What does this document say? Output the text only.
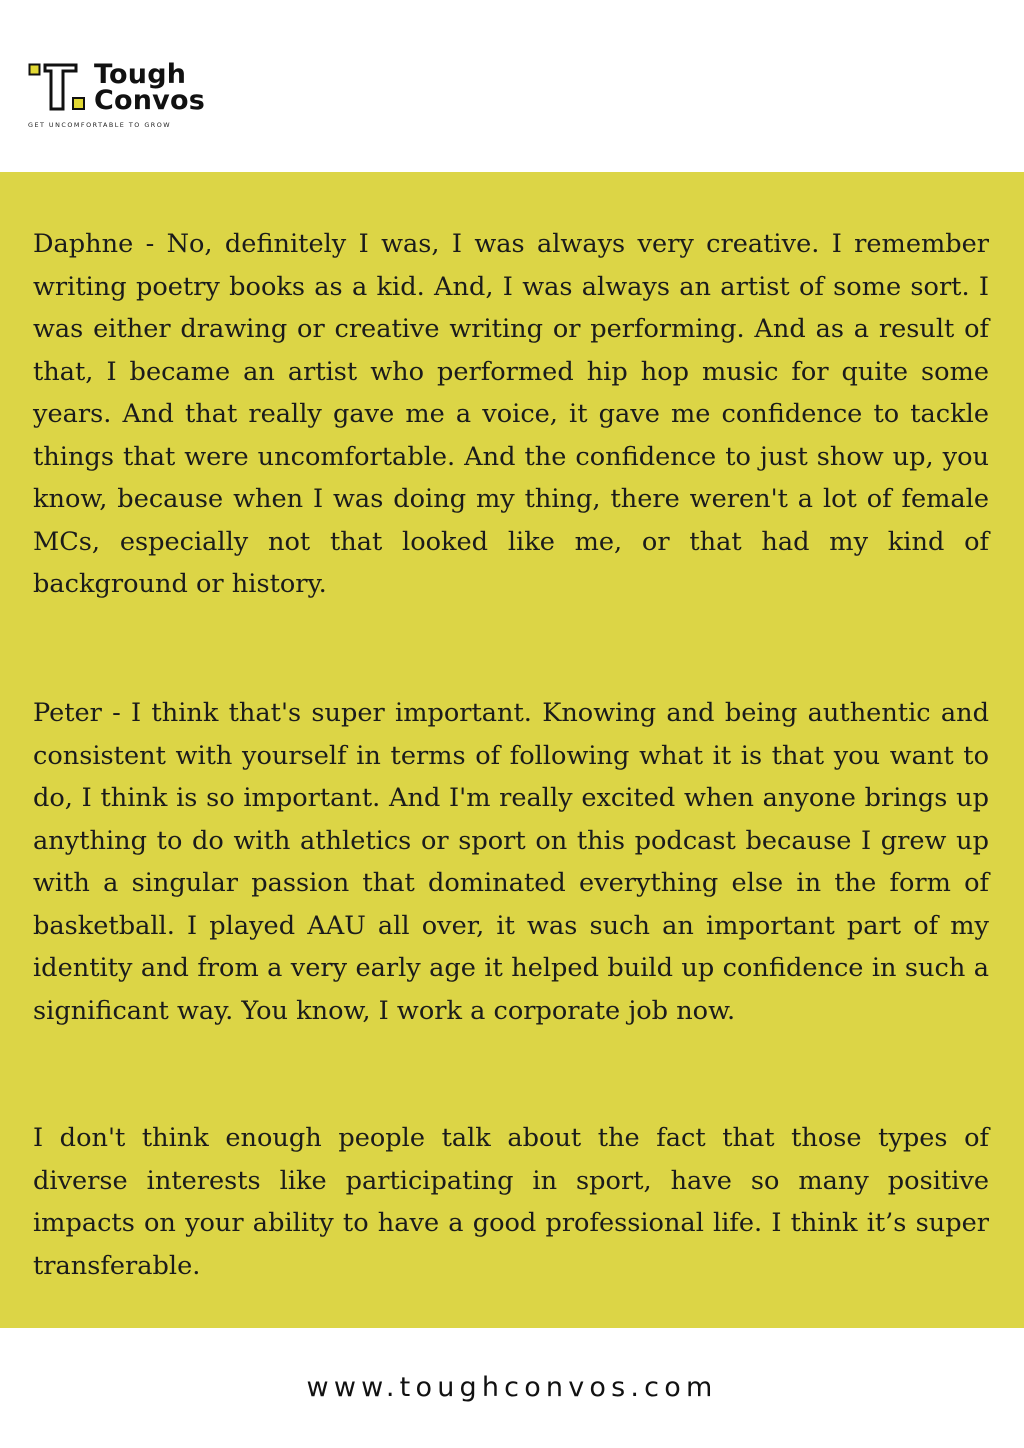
Tough
Convos
GET UNCOMFORTABLE TO GROW

Daphne - No, definitely I was, I was always very creative. I remember writing poetry books as a kid. And, I was always an artist of some sort. I was either drawing or creative writing or performing. And as a result of that, I became an artist who performed hip hop music for quite some years. And that really gave me a voice, it gave me confidence to tackle things that were uncomfortable. And the confidence to just show up, you know, because when I was doing my thing, there weren't a lot of female MCs, especially not that looked like me, or that had my kind of background or history.

Peter - I think that's super important. Knowing and being authentic and consistent with yourself in terms of following what it is that you want to do, I think is so important. And I'm really excited when anyone brings up anything to do with athletics or sport on this podcast because I grew up with a singular passion that dominated everything else in the form of basketball. I played AAU all over, it was such an important part of my identity and from a very early age it helped build up confidence in such a significant way. You know, I work a corporate job now.

I don't think enough people talk about the fact that those types of diverse interests like participating in sport, have so many positive impacts on your ability to have a good professional life. I think it’s super transferable.

www.toughconvos.com
